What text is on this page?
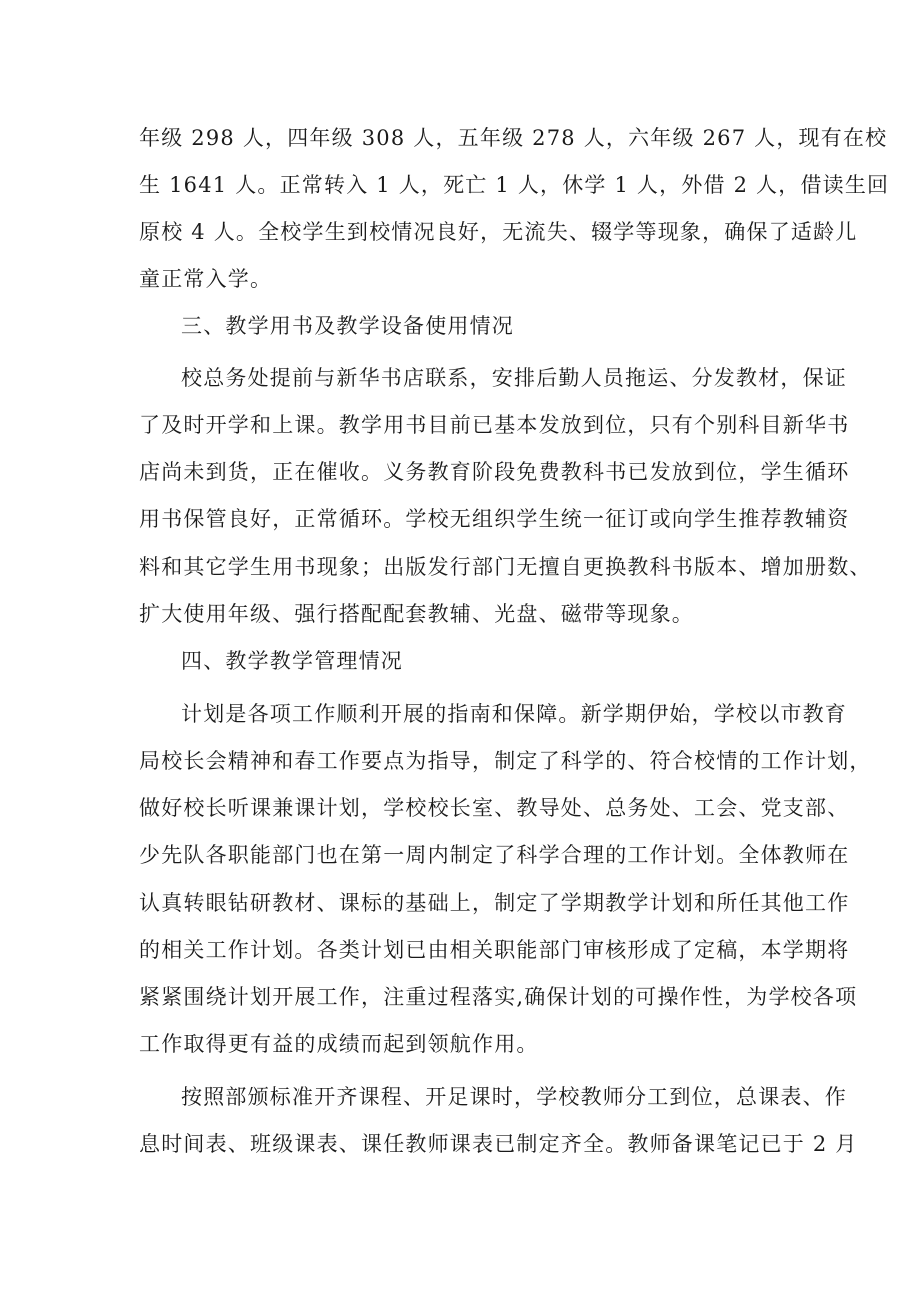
年级 298 人，四年级 308 人，五年级 278 人，六年级 267 人，现有在校
生 1641 人。正常转入 1 人，死亡 1 人，休学 1 人，外借 2 人，借读生回
原校 4 人。全校学生到校情况良好，无流失、辍学等现象，确保了适龄儿
童正常入学。
三、教学用书及教学设备使用情况
校总务处提前与新华书店联系，安排后勤人员拖运、分发教材，保证
了及时开学和上课。教学用书目前已基本发放到位，只有个别科目新华书
店尚未到货，正在催收。义务教育阶段免费教科书已发放到位，学生循环
用书保管良好，正常循环。学校无组织学生统一征订或向学生推荐教辅资
料和其它学生用书现象；出版发行部门无擅自更换教科书版本、增加册数、
扩大使用年级、强行搭配配套教辅、光盘、磁带等现象。
四、教学教学管理情况
计划是各项工作顺利开展的指南和保障。新学期伊始，学校以市教育
局校长会精神和春工作要点为指导，制定了科学的、符合校情的工作计划，
做好校长听课兼课计划，学校校长室、教导处、总务处、工会、党支部、
少先队各职能部门也在第一周内制定了科学合理的工作计划。全体教师在
认真转眼钻研教材、课标的基础上，制定了学期教学计划和所任其他工作
的相关工作计划。各类计划已由相关职能部门审核形成了定稿，本学期将
紧紧围绕计划开展工作，注重过程落实,确保计划的可操作性，为学校各项
工作取得更有益的成绩而起到领航作用。
按照部颁标准开齐课程、开足课时，学校教师分工到位，总课表、作
息时间表、班级课表、课任教师课表已制定齐全。教师备课笔记已于 2 月
